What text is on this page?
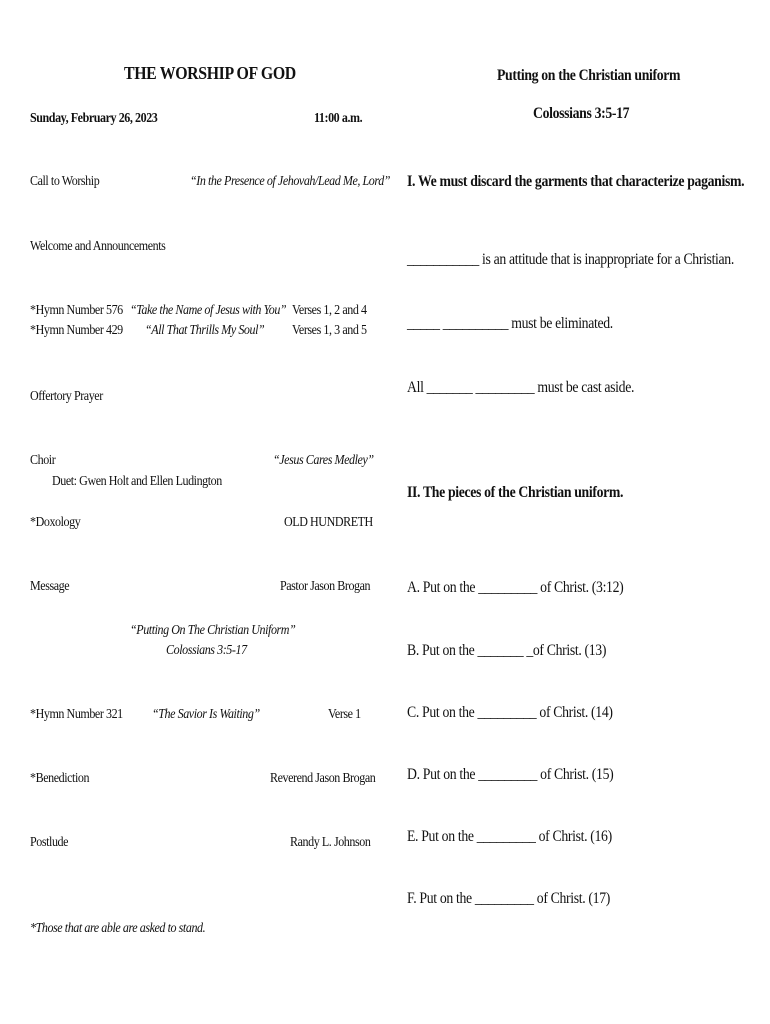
THE WORSHIP OF GOD
Sunday, February 26, 2023	11:00 a.m.
Call to Worship	“In the Presence of Jehovah/Lead Me, Lord”
Welcome and Announcements
*Hymn Number 576 “Take the Name of Jesus with You” Verses 1, 2 and 4
*Hymn Number 429 “All That Thrills My Soul” Verses 1, 3 and 5
Offertory Prayer
Choir	“Jesus Cares Medley”
Duet: Gwen Holt and Ellen Ludington
*Doxology	OLD HUNDRETH
Message	Pastor Jason Brogan
“Putting On The Christian Uniform”
Colossians 3:5-17
*Hymn Number 321 “The Savior Is Waiting”	Verse 1
*Benediction	Reverend Jason Brogan
Postlude	Randy L. Johnson
*Those that are able are asked to stand.
Putting on the Christian uniform
Colossians 3:5-17
I. We must discard the garments that characterize paganism.
___________ is an attitude that is inappropriate for a Christian.
_____ __________ must be eliminated.
All _______ _________ must be cast aside.
II. The pieces of the Christian uniform.
A. Put on the _________ of Christ. (3:12)
B. Put on the _______ _of Christ. (13)
C. Put on the _________ of Christ. (14)
D. Put on the _________ of Christ. (15)
E. Put on the _________ of Christ. (16)
F. Put on the _________ of Christ. (17)
